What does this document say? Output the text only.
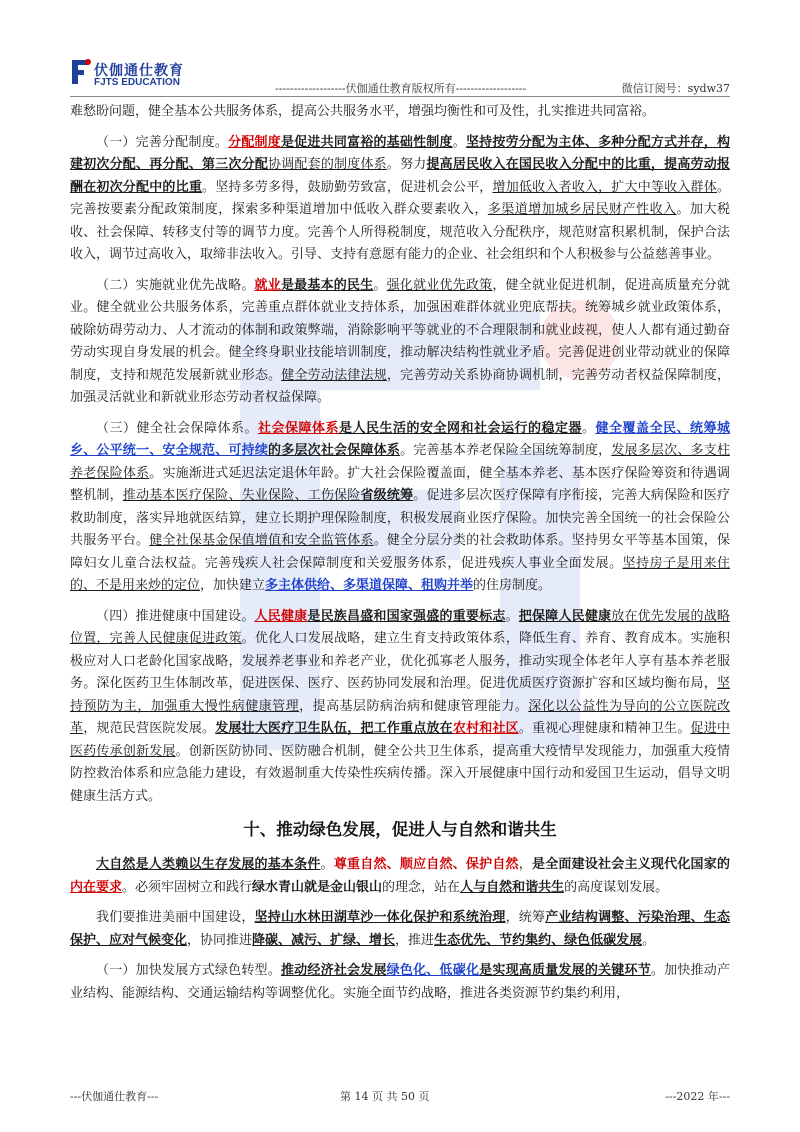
伏伽通仕教育
FJTS EDUCATION	-------------------伏伽通仕教育版权所有-------------------	微信订阅号：sydw37

难愁盼问题，健全基本公共服务体系，提高公共服务水平，增强均衡性和可及性，扎实推进共同富裕。

（一）完善分配制度。分配制度是促进共同富裕的基础性制度。坚持按劳分配为主体、多种分配方式并存，构建初次分配、再分配、第三次分配协调配套的制度体系。努力提高居民收入在国民收入分配中的比重，提高劳动报酬在初次分配中的比重。坚持多劳多得，鼓励勤劳致富，促进机会公平，增加低收入者收入，扩大中等收入群体。完善按要素分配政策制度，探索多种渠道增加中低收入群众要素收入，多渠道增加城乡居民财产性收入。加大税收、社会保障、转移支付等的调节力度。完善个人所得税制度，规范收入分配秩序，规范财富积累机制，保护合法收入，调节过高收入，取缔非法收入。引导、支持有意愿有能力的企业、社会组织和个人积极参与公益慈善事业。

（二）实施就业优先战略。就业是最基本的民生。强化就业优先政策，健全就业促进机制，促进高质量充分就业。健全就业公共服务体系，完善重点群体就业支持体系，加强困难群体就业兜底帮扶。统筹城乡就业政策体系，破除妨碍劳动力、人才流动的体制和政策弊端，消除影响平等就业的不合理限制和就业歧视，使人人都有通过勤奋劳动实现自身发展的机会。健全终身职业技能培训制度，推动解决结构性就业矛盾。完善促进创业带动就业的保障制度，支持和规范发展新就业形态。健全劳动法律法规，完善劳动关系协商协调机制，完善劳动者权益保障制度，加强灵活就业和新就业形态劳动者权益保障。

（三）健全社会保障体系。社会保障体系是人民生活的安全网和社会运行的稳定器。健全覆盖全民、统筹城乡、公平统一、安全规范、可持续的多层次社会保障体系。完善基本养老保险全国统筹制度，发展多层次、多支柱养老保险体系。实施渐进式延迟法定退休年龄。扩大社会保险覆盖面，健全基本养老、基本医疗保险筹资和待遇调整机制，推动基本医疗保险、失业保险、工伤保险省级统筹。促进多层次医疗保障有序衔接，完善大病保险和医疗救助制度，落实异地就医结算，建立长期护理保险制度，积极发展商业医疗保险。加快完善全国统一的社会保险公共服务平台。健全社保基金保值增值和安全监管体系。健全分层分类的社会救助体系。坚持男女平等基本国策，保障妇女儿童合法权益。完善残疾人社会保障制度和关爱服务体系，促进残疾人事业全面发展。坚持房子是用来住的、不是用来炒的定位，加快建立多主体供给、多渠道保障、租购并举的住房制度。

（四）推进健康中国建设。人民健康是民族昌盛和国家强盛的重要标志。把保障人民健康放在优先发展的战略位置，完善人民健康促进政策。优化人口发展战略，建立生育支持政策体系，降低生育、养育、教育成本。实施积极应对人口老龄化国家战略，发展养老事业和养老产业，优化孤寡老人服务，推动实现全体老年人享有基本养老服务。深化医药卫生体制改革，促进医保、医疗、医药协同发展和治理。促进优质医疗资源扩容和区域均衡布局，坚持预防为主，加强重大慢性病健康管理，提高基层防病治病和健康管理能力。深化以公益性为导向的公立医院改革，规范民营医院发展。发展壮大医疗卫生队伍，把工作重点放在农村和社区。重视心理健康和精神卫生。促进中医药传承创新发展。创新医防协同、医防融合机制，健全公共卫生体系，提高重大疫情早发现能力，加强重大疫情防控救治体系和应急能力建设，有效遏制重大传染性疾病传播。深入开展健康中国行动和爱国卫生运动，倡导文明健康生活方式。

十、推动绿色发展，促进人与自然和谐共生

大自然是人类赖以生存发展的基本条件。尊重自然、顺应自然、保护自然，是全面建设社会主义现代化国家的内在要求。必须牢固树立和践行绿水青山就是金山银山的理念，站在人与自然和谐共生的高度谋划发展。

我们要推进美丽中国建设，坚持山水林田湖草沙一体化保护和系统治理，统筹产业结构调整、污染治理、生态保护、应对气候变化，协同推进降碳、减污、扩绿、增长，推进生态优先、节约集约、绿色低碳发展。

（一）加快发展方式绿色转型。推动经济社会发展绿色化、低碳化是实现高质量发展的关键环节。加快推动产业结构、能源结构、交通运输结构等调整优化。实施全面节约战略，推进各类资源节约集约利用，

---伏伽通仕教育---	第 14 页 共 50 页	---2022 年---
